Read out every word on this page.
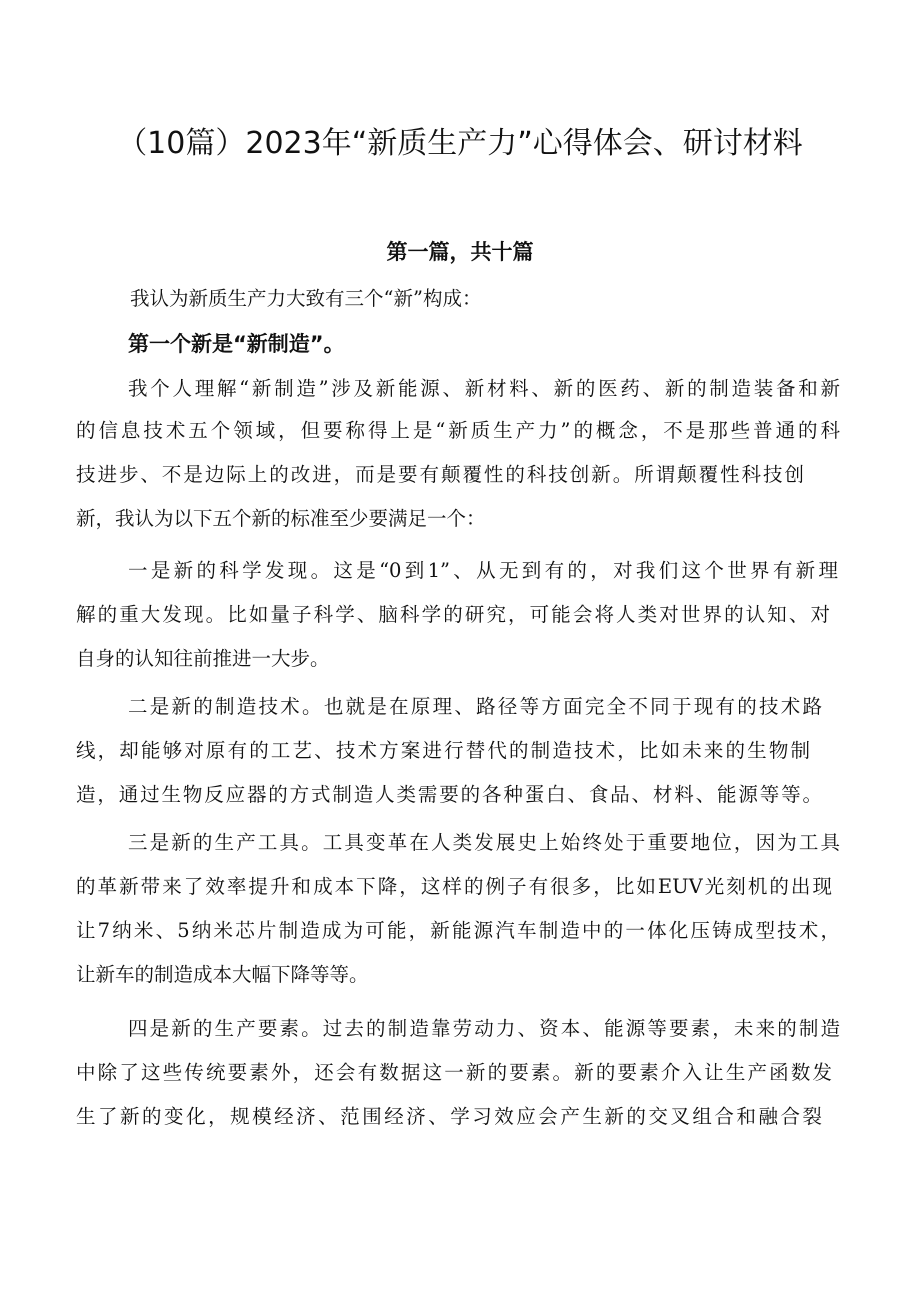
（10篇）2023年“新质生产力”心得体会、研讨材料
第一篇，共十篇
我认为新质生产力大致有三个“新”构成：
第一个新是“新制造”。
我个人理解“新制造”涉及新能源、新材料、新的医药、新的制造装备和新
的信息技术五个领域，但要称得上是“新质生产力”的概念，不是那些普通的科
技进步、不是边际上的改进，而是要有颠覆性的科技创新。所谓颠覆性科技创
新，我认为以下五个新的标准至少要满足一个：
一是新的科学发现。这是“0到1”、从无到有的，对我们这个世界有新理
解的重大发现。比如量子科学、脑科学的研究，可能会将人类对世界的认知、对
自身的认知往前推进一大步。
二是新的制造技术。也就是在原理、路径等方面完全不同于现有的技术路
线，却能够对原有的工艺、技术方案进行替代的制造技术，比如未来的生物制
造，通过生物反应器的方式制造人类需要的各种蛋白、食品、材料、能源等等。
三是新的生产工具。工具变革在人类发展史上始终处于重要地位，因为工具
的革新带来了效率提升和成本下降，这样的例子有很多，比如EUV光刻机的出现
让7纳米、5纳米芯片制造成为可能，新能源汽车制造中的一体化压铸成型技术，
让新车的制造成本大幅下降等等。
四是新的生产要素。过去的制造靠劳动力、资本、能源等要素，未来的制造
中除了这些传统要素外，还会有数据这一新的要素。新的要素介入让生产函数发
生了新的变化，规模经济、范围经济、学习效应会产生新的交叉组合和融合裂
